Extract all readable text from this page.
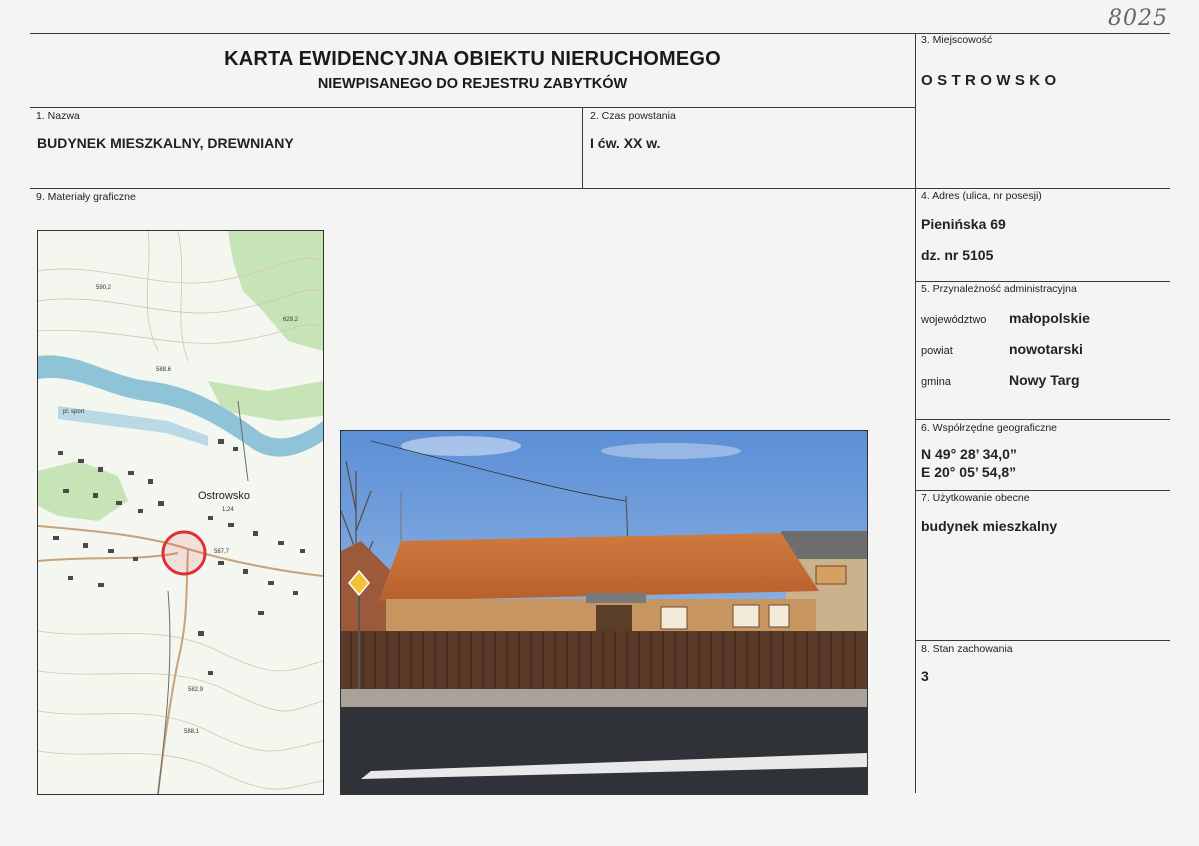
8025
KARTA EWIDENCYJNA OBIEKTU NIERUCHOMEGO
NIEWPISANEGO DO REJESTRU ZABYTKÓW
3. Miejscowość
OSTROWSKO
1. Nazwa
BUDYNEK MIESZKALNY, DREWNIANY
2. Czas powstania
I ćw. XX w.
9. Materiały graficzne	4. Adres (ulica, nr posesji)
Pienińska 69
dz. nr 5105
5. Przynależność administracyjna
województwo małopolskie
powiat	nowotarski
gmina	Nowy Targ
6. Współrzędne geograficzne
N 49° 28’ 34,0”
E 20° 05’ 54,8”
7. Użytkowanie obecne
budynek mieszkalny
8. Stan zachowania
3
590,2
629,2
588,6
587,7
582,9
588,1
pl. sport
Ostrowsko
1,24
